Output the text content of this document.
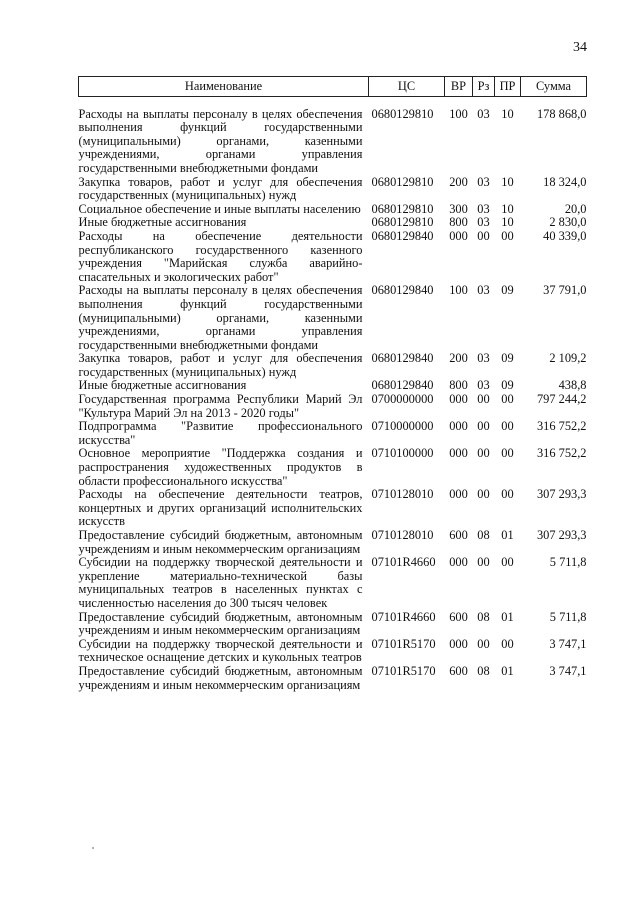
34
Наименование	ЦС	ВР	Рз	ПР	Сумма
Расходы на выплаты персоналу в целях обеспечения выполнения функций государственными (муниципальными) органами, казенными учреждениями, органами управления государственными внебюджетными фондами	0680129810	100	03	10	178 868,0
Закупка товаров, работ и услуг для обеспечения государственных (муниципальных) нужд	0680129810	200	03	10	18 324,0
Социальное обеспечение и иные выплаты населению	0680129810	300	03	10	20,0
Иные бюджетные ассигнования	0680129810	800	03	10	2 830,0
Расходы на обеспечение деятельности республиканского государственного казенного учреждения "Марийская служба аварийно-спасательных и экологических работ"	0680129840	000	00	00	40 339,0
Расходы на выплаты персоналу в целях обеспечения выполнения функций государственными (муниципальными) органами, казенными учреждениями, органами управления государственными внебюджетными фондами	0680129840	100	03	09	37 791,0
Закупка товаров, работ и услуг для обеспечения государственных (муниципальных) нужд	0680129840	200	03	09	2 109,2
Иные бюджетные ассигнования	0680129840	800	03	09	438,8
Государственная программа Республики Марий Эл "Культура Марий Эл на 2013 - 2020 годы"	0700000000	000	00	00	797 244,2
Подпрограмма "Развитие профессионального искусства"	0710000000	000	00	00	316 752,2
Основное мероприятие "Поддержка создания и распространения художественных продуктов в области профессионального искусства"	0710100000	000	00	00	316 752,2
Расходы на обеспечение деятельности театров, концертных и других организаций исполнительских искусств	0710128010	000	00	00	307 293,3
Предоставление субсидий бюджетным, автономным учреждениям и иным некоммерческим организациям	0710128010	600	08	01	307 293,3
Субсидии на поддержку творческой деятельности и укрепление материально-технической базы муниципальных театров в населенных пунктах с численностью населения до 300 тысяч человек	07101R4660	000	00	00	5 711,8
Предоставление субсидий бюджетным, автономным учреждениям и иным некоммерческим организациям	07101R4660	600	08	01	5 711,8
Субсидии на поддержку творческой деятельности и техническое оснащение детских и кукольных театров	07101R5170	000	00	00	3 747,1
Предоставление субсидий бюджетным, автономным учреждениям и иным некоммерческим организациям	07101R5170	600	08	01	3 747,1
